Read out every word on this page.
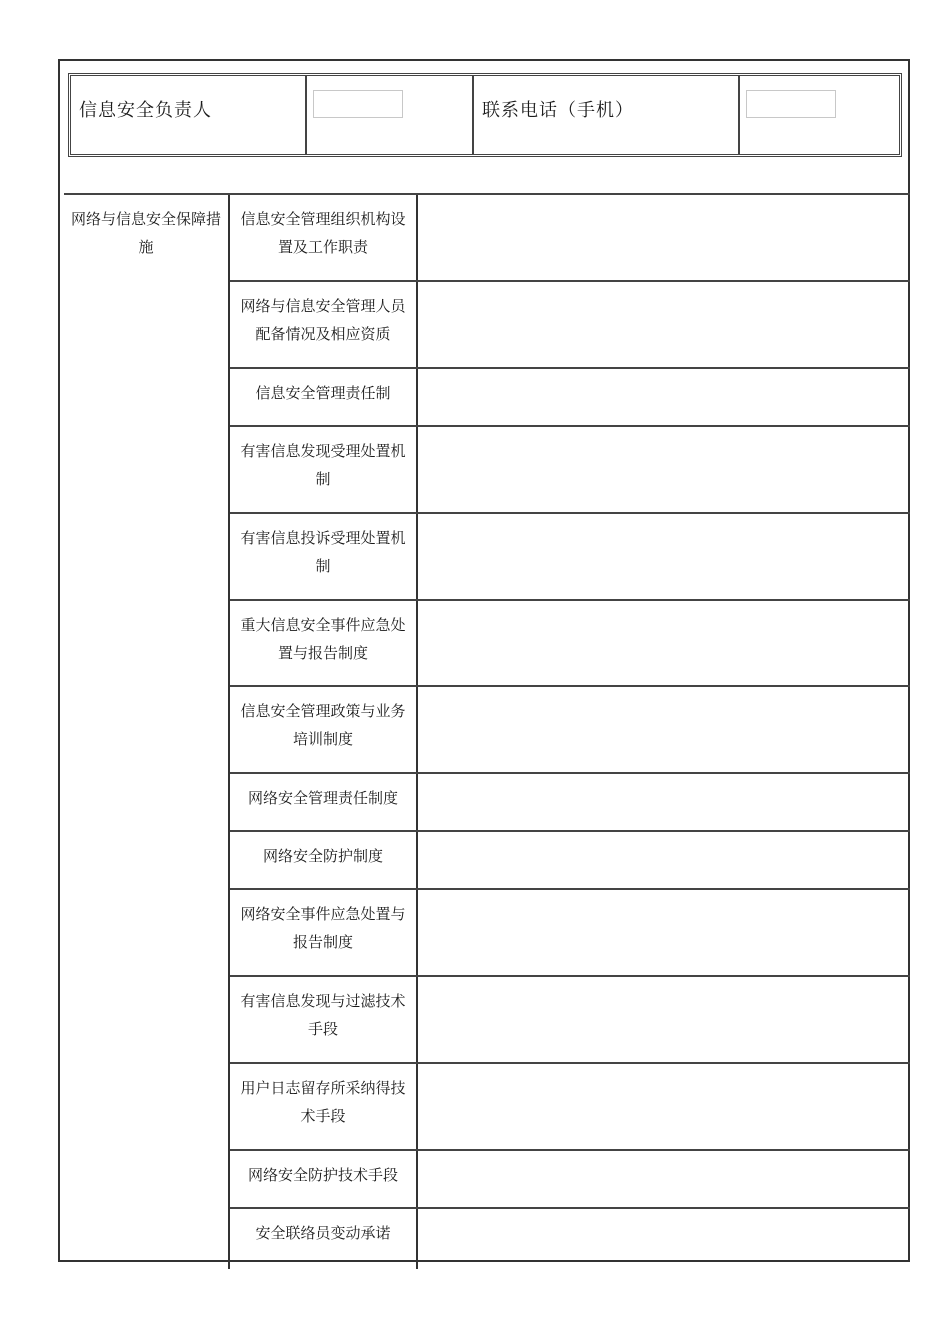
信息安全负责人	联系电话（手机）
网络与信息安全保障措施
信息安全管理组织机构设置及工作职责
网络与信息安全管理人员配备情况及相应资质
信息安全管理责任制
有害信息发现受理处置机制
有害信息投诉受理处置机制
重大信息安全事件应急处置与报告制度
信息安全管理政策与业务培训制度
网络安全管理责任制度
网络安全防护制度
网络安全事件应急处置与报告制度
有害信息发现与过滤技术手段
用户日志留存所采纳得技术手段
网络安全防护技术手段
安全联络员变动承诺
